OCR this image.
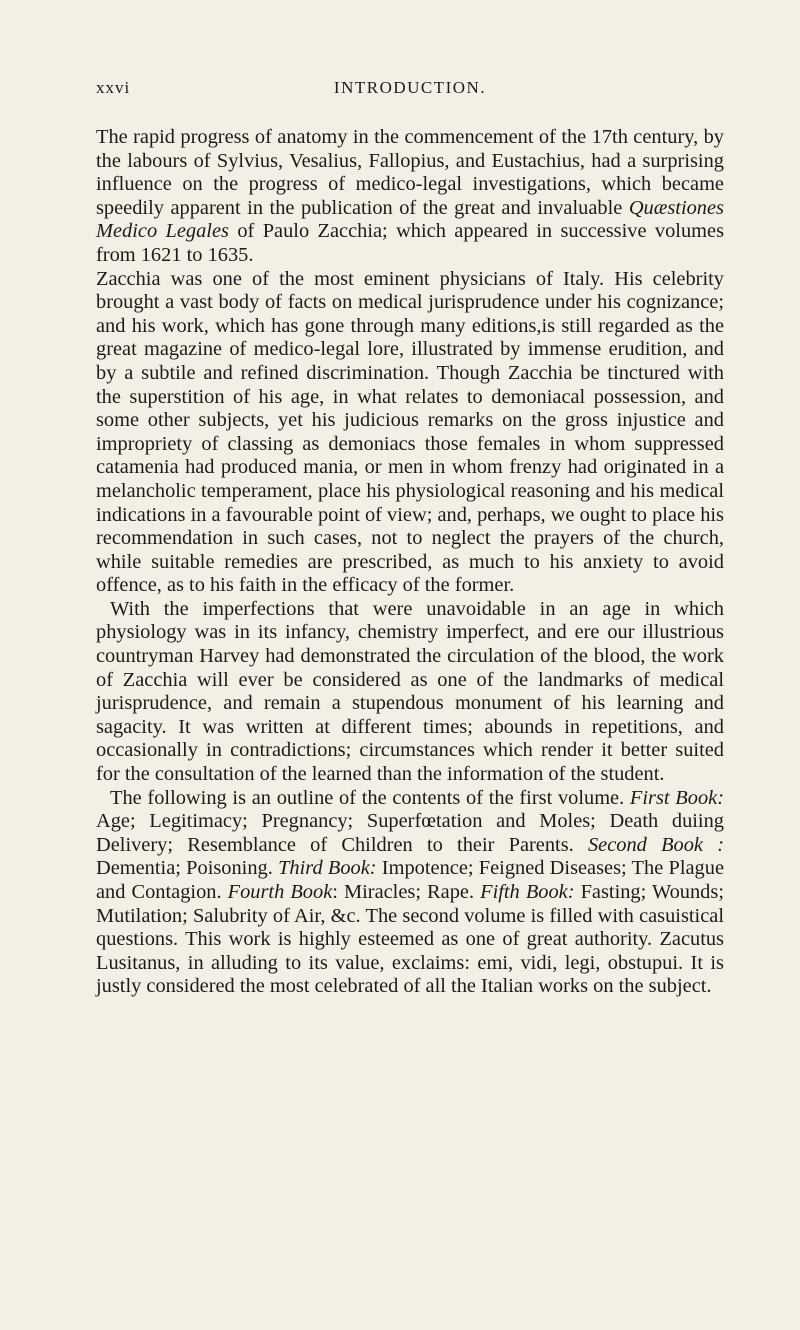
xxvi	INTRODUCTION.

The rapid progress of anatomy in the commencement of the 17th century, by the labours of Sylvius, Vesalius, Fallopius, and Eustachius, had a surprising influence on the progress of medico-legal investigations, which became speedily apparent in the publication of the great and invaluable Quæstiones Medico Legales of Paulo Zacchia; which appeared in successive volumes from 1621 to 1635.

Zacchia was one of the most eminent physicians of Italy. His celebrity brought a vast body of facts on medical jurisprudence under his cognizance; and his work, which has gone through many editions,is still regarded as the great magazine of medico-legal lore, illustrated by immense erudition, and by a subtile and refined discrimination. Though Zacchia be tinctured with the superstition of his age, in what relates to demoniacal possession, and some other subjects, yet his judicious remarks on the gross injustice and impropriety of classing as demoniacs those females in whom suppressed catamenia had produced mania, or men in whom frenzy had originated in a melancholic temperament, place his physiological reasoning and his medical indications in a favourable point of view; and, perhaps, we ought to place his recommendation in such cases, not to neglect the prayers of the church, while suitable remedies are prescribed, as much to his anxiety to avoid offence, as to his faith in the efficacy of the former.

With the imperfections that were unavoidable in an age in which physiology was in its infancy, chemistry imperfect, and ere our illustrious countryman Harvey had demonstrated the circulation of the blood, the work of Zacchia will ever be considered as one of the landmarks of medical jurisprudence, and remain a stupendous monument of his learning and sagacity. It was written at different times; abounds in repetitions, and occasionally in contradictions; circumstances which render it better suited for the consultation of the learned than the information of the student.

The following is an outline of the contents of the first volume. First Book: Age; Legitimacy; Pregnancy; Superfœtation and Moles; Death duiing Delivery; Resemblance of Children to their Parents. Second Book : Dementia; Poisoning. Third Book: Impotence; Feigned Diseases; The Plague and Contagion. Fourth Book: Miracles; Rape. Fifth Book: Fasting; Wounds; Mutilation; Salubrity of Air, &c. The second volume is filled with casuistical questions. This work is highly esteemed as one of great authority. Zacutus Lusitanus, in alluding to its value, exclaims: emi, vidi, legi, obstupui. It is justly considered the most celebrated of all the Italian works on the subject.
